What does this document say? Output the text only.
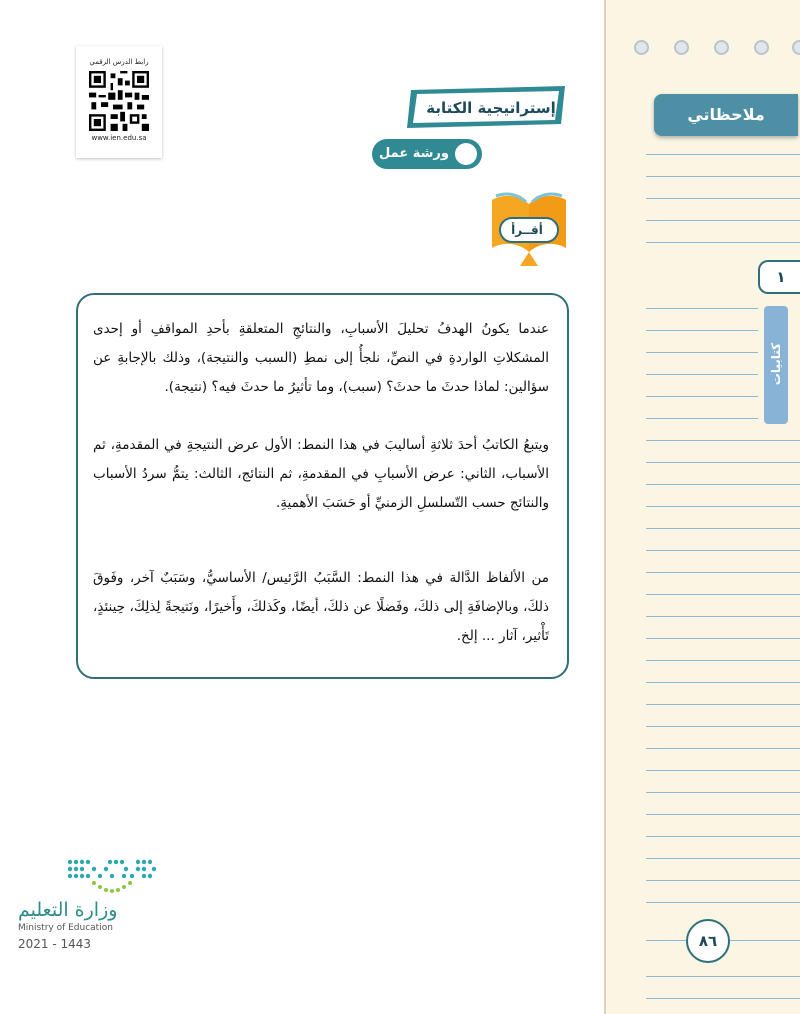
رابط الدرس الرقمي
www.ien.edu.sa
إستراتيجية الكتابة
ورشة عمل
أقــرأ
عندما يكونُ الهدفُ تحليلَ الأسبابِ، والنتائجِ المتعلقةِ بأحدِ المواقفِ أو إحدى المشكلاتِ الواردةِ في النصِّ، نلجأُ إلى نمطِ (السبب والنتيجة)، وذلك بالإجابةِ عن سؤالين: لماذا حدثَ ما حدثَ؟ (سبب)، وما تأثيرُ ما حدثَ فيه؟ (نتيجة).
ويتبعُ الكاتبُ أحدَ ثلاثةِ أساليبَ في هذا النمط: الأول عرض النتيجةِ في المقدمةِ، ثم الأسباب، الثاني: عرض الأسبابِ في المقدمةِ، ثم النتائج، الثالث: يتمُّ سردُ الأسباب والنتائج حسب التّسلسلِ الزمنيِّ أو حَسَبَ الأهميةِ.
من الألفاظ الدَّالة في هذا النمط: السَّبَبُ الرَّئيس/ الأساسيُّ، وسَبَبٌ آخر، وفَوقَ ذلكَ، وبالإضافَةِ إلى ذلكَ، وفَضلًا عن ذلكَ، أيضًا، وكَذلكَ، وأَخيرًا، ونَتيجةً لِذلِكَ، حِينئذٍ، تَأْثير، آثار ... إلخ.
وزارة التعليم
Ministry of Education
2021 - 1443
ملاحظاتي
١
كتابيات
٨٦
